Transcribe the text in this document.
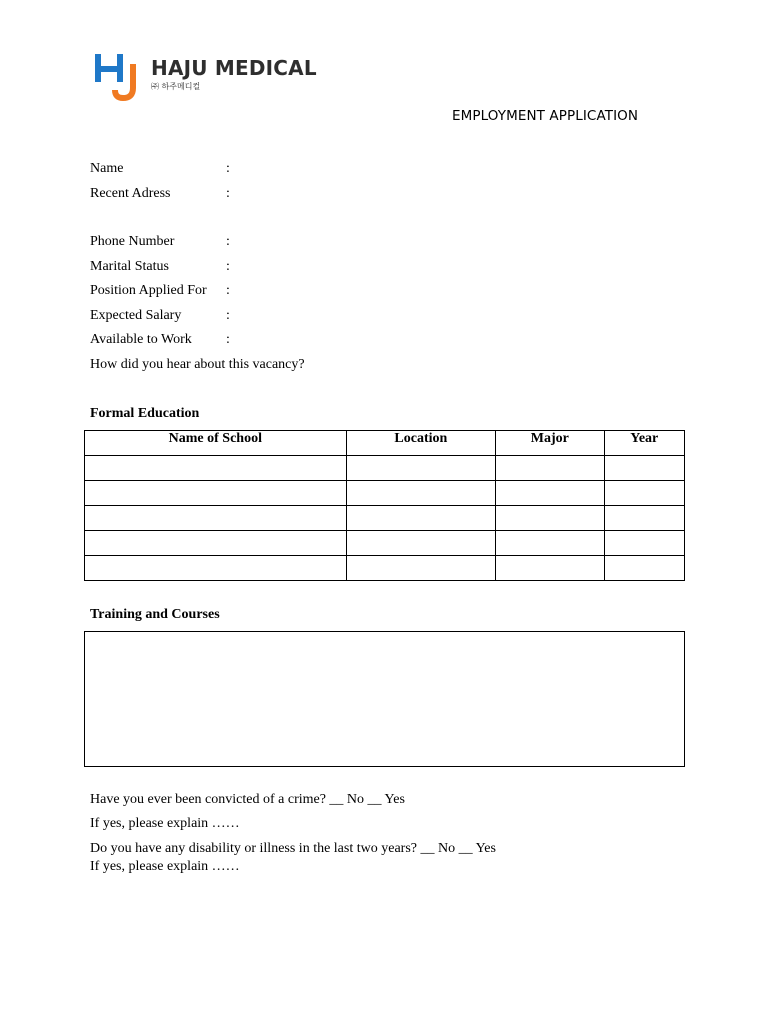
HAJU MEDICAL
㈜ 하주메디컬
EMPLOYMENT APPLICATION
Name	:
Recent Adress	:
Phone Number	:
Marital Status	:
Position Applied For :
Expected Salary	:
Available to Work :
How did you hear about this vacancy?
Formal Education
Name of School	Location	Major	Year

Training and Courses
Have you ever been convicted of a crime? __ No __ Yes
If yes, please explain ……
Do you have any disability or illness in the last two years? __ No __ Yes
If yes, please explain ……
